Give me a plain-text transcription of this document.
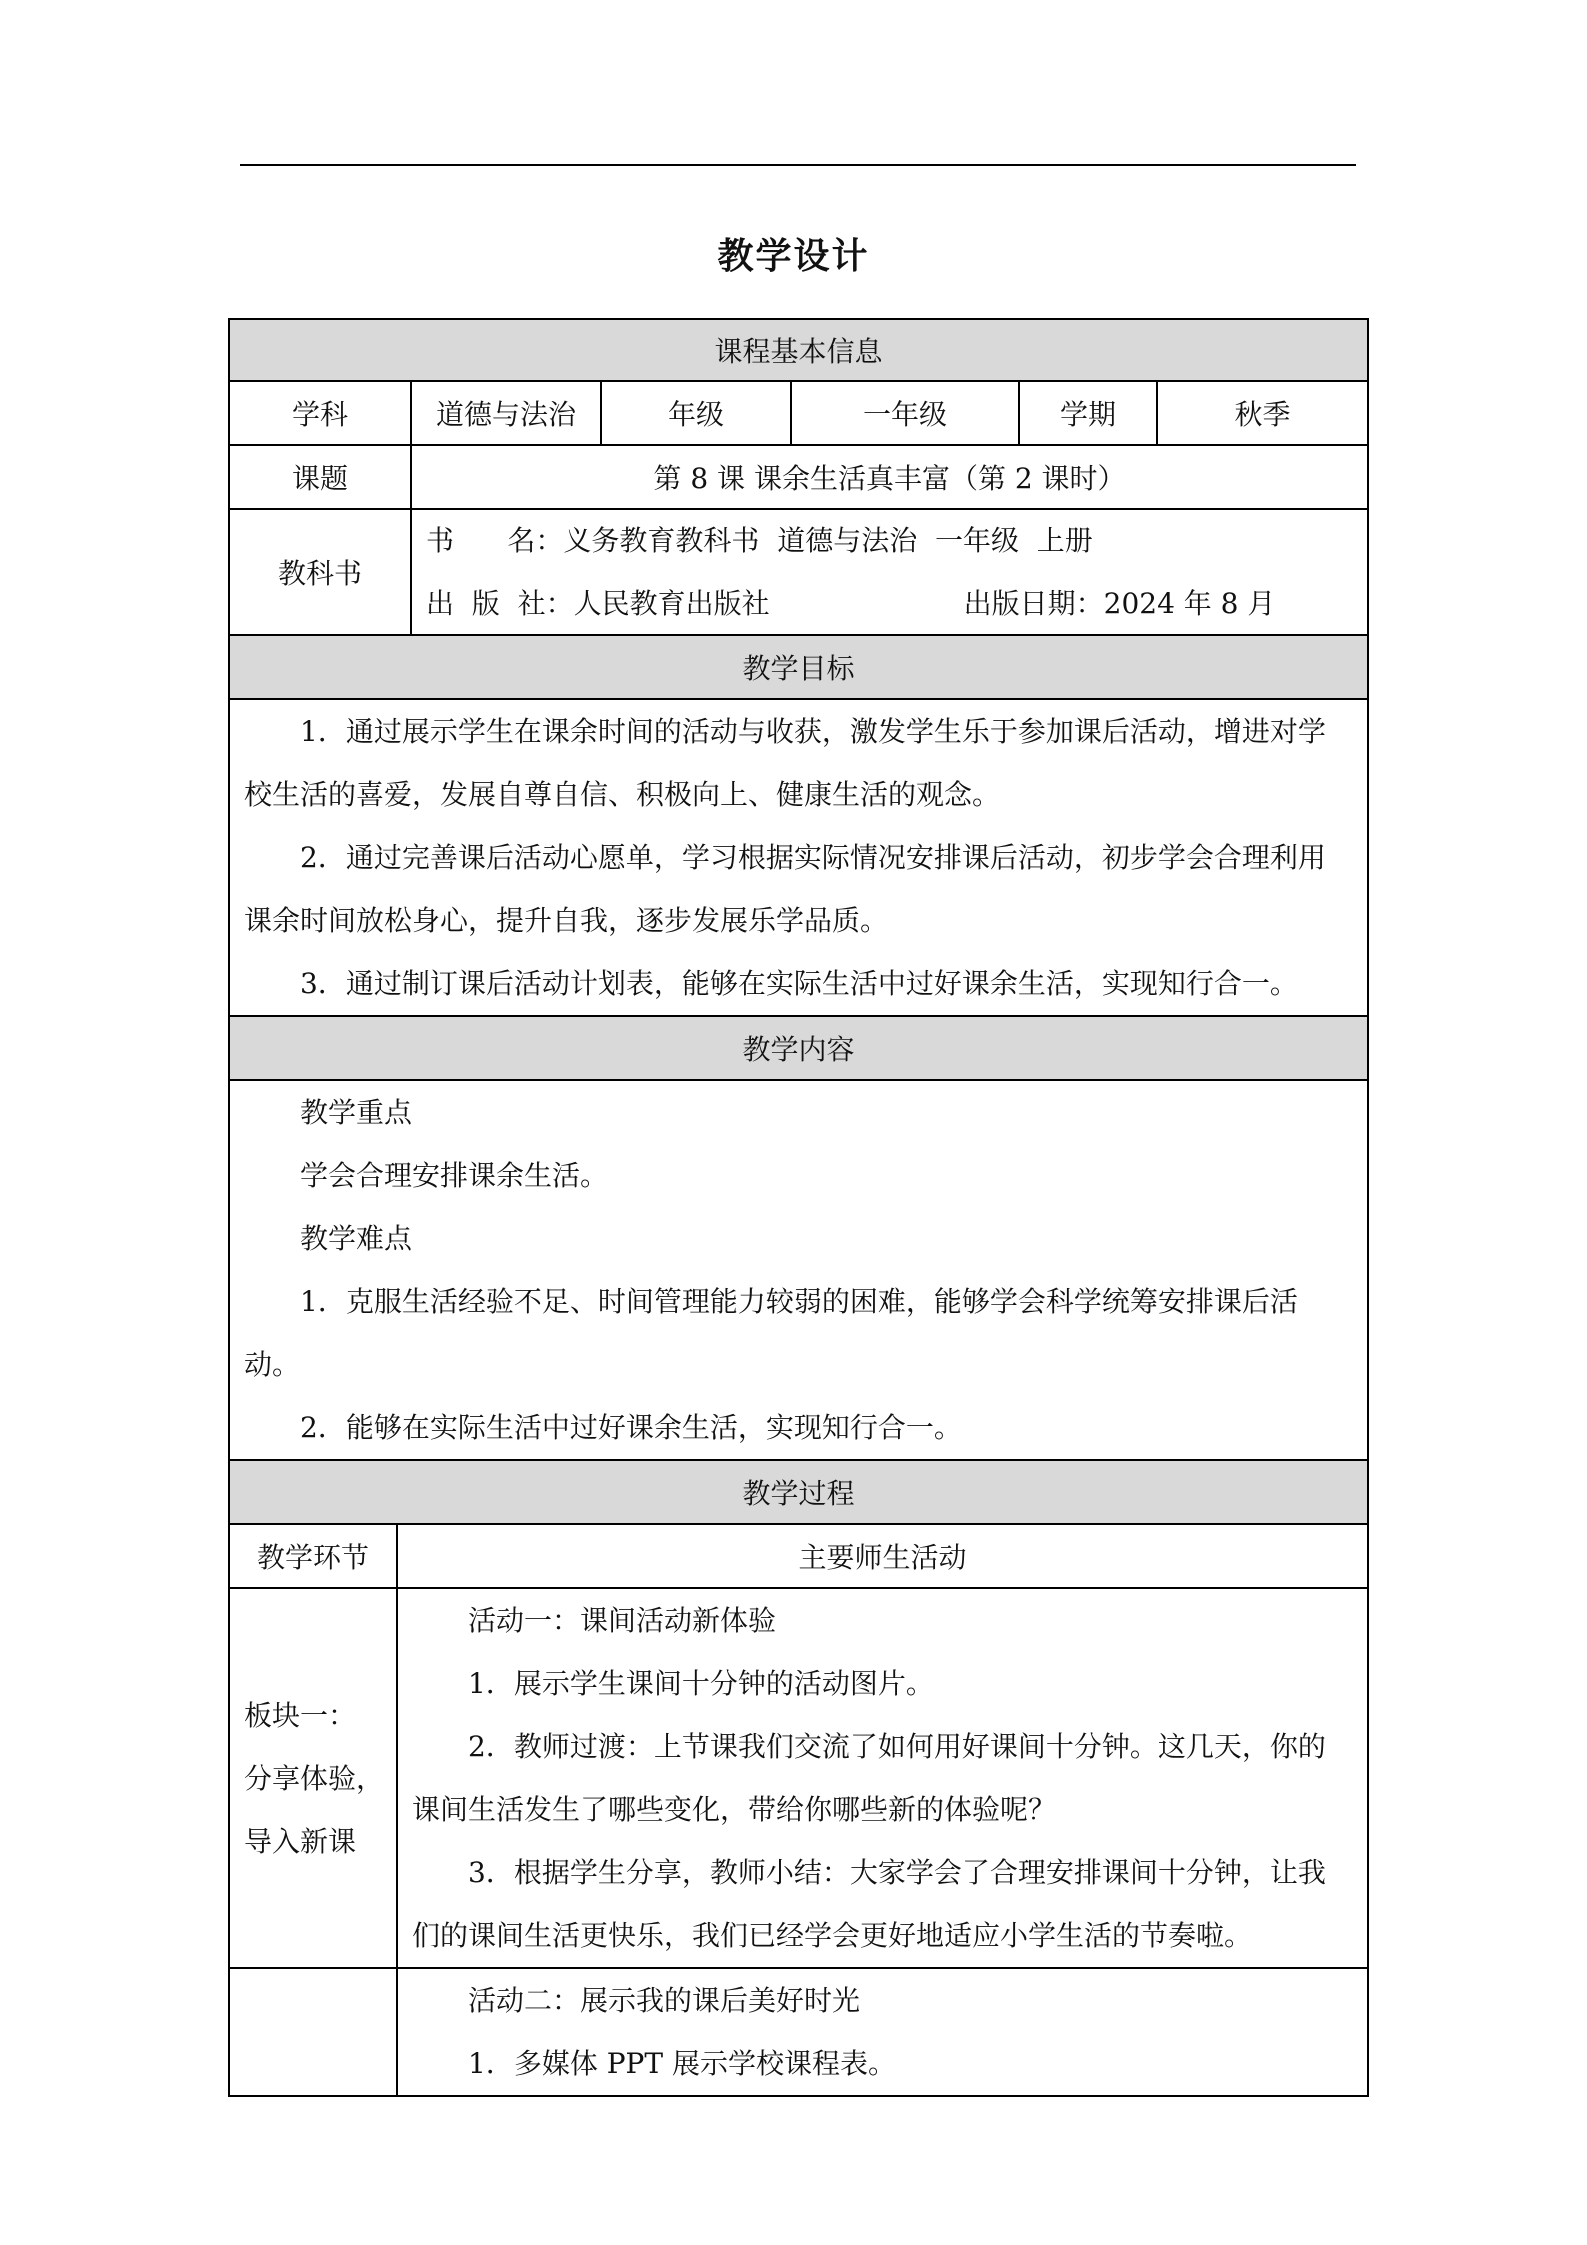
教学设计
课程基本信息
学科	道德与法治	年级	一年级	学期	秋季
课题	第 8 课 课余生活真丰富（第 2 课时）
教科书
书      名：义务教育教科书  道德与法治  一年级  上册
出  版  社： 人民教育出版社	出版日期： 2024 年 8 月
教学目标
1．通过展示学生在课余时间的活动与收获，激发学生乐于参加课后活动，增进对学校生活的喜爱，发展自尊自信、积极向上、健康生活的观念。
2．通过完善课后活动心愿单，学习根据实际情况安排课后活动，初步学会合理利用课余时间放松身心，提升自我，逐步发展乐学品质。
3．通过制订课后活动计划表，能够在实际生活中过好课余生活，实现知行合一。
教学内容
教学重点
学会合理安排课余生活。
教学难点
1．克服生活经验不足、时间管理能力较弱的困难，能够学会科学统筹安排课后活动。
2．能够在实际生活中过好课余生活，实现知行合一。
教学过程
教学环节	主要师生活动
板块一：
分享体验，
导入新课
活动一：课间活动新体验
1．展示学生课间十分钟的活动图片。
2．教师过渡：上节课我们交流了如何用好课间十分钟。这几天，你的课间生活发生了哪些变化，带给你哪些新的体验呢？
3．根据学生分享，教师小结：大家学会了合理安排课间十分钟，让我们的课间生活更快乐，我们已经学会更好地适应小学生活的节奏啦。
活动二：展示我的课后美好时光
1．多媒体 PPT 展示学校课程表。
